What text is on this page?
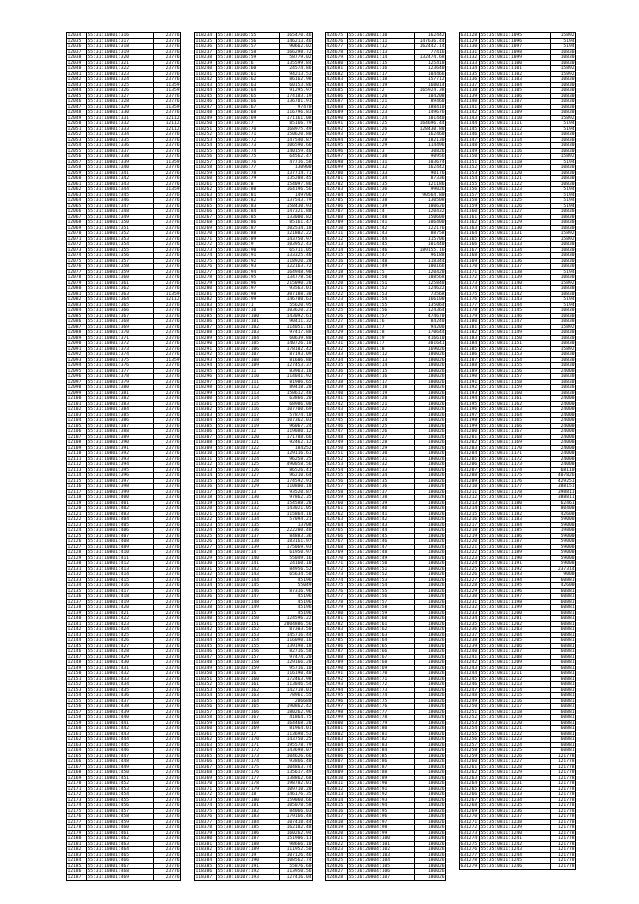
12034	55:31:10801:316	23776
12035	55:31:10801:317	23776
12036	55:31:10801:318	23776
12037	55:31:10801:319	23776
12038	55:31:10801:320	23776
12039	55:31:10801:321	23776
12040	55:31:10801:322	23776
12041	55:31:10801:323	23776
12042	55:31:10801:324	23776
12043	55:31:10801:325	11359
12044	55:31:10801:326	11359
12045	55:31:10801:327	23776
12046	55:31:10801:328	23776
12047	55:31:10801:329	11359
12048	55:31:10801:330	23776
12049	55:31:10801:331	12112
12050	55:31:10801:332	12112
12051	55:31:10801:333	12112
12052	55:31:10801:334	23776
12053	55:31:10801:335	23776
12054	55:31:10801:336	23776
12055	55:31:10801:337	23776
12056	55:31:10801:338	23776
12057	55:31:10801:339	11359
12058	55:31:10801:340	23776
12059	55:31:10801:341	23776
12060	55:31:10801:342	23776
12061	55:31:10801:343	23776
12062	55:31:10801:344	11359
12063	55:31:10801:345	23776
12064	55:31:10801:346	23776
12065	55:31:10801:347	23776
12066	55:31:10801:348	23776
12067	55:31:10801:349	23776
12068	55:31:10801:350	23776
12069	55:31:10801:351	23776
12070	55:31:10801:352	23776
12071	55:31:10801:353	23776
12072	55:31:10801:354	23776
12073	55:31:10801:355	23776
12074	55:31:10801:356	23776
12075	55:31:10801:357	23776
12076	55:31:10801:358	23776
12077	55:31:10801:359	23776
12078	55:31:10801:360	23776
12079	55:31:10801:361	23776
12080	55:31:10801:362	23776
12081	55:31:10801:363	11359
12082	55:31:10801:364	12112
12083	55:31:10801:365	23776
12084	55:31:10801:366	23776
12085	55:31:10801:367	23776
12086	55:31:10801:368	23776
12087	55:31:10801:369	23776
12088	55:31:10801:370	23776
12089	55:31:10801:371	23776
12090	55:31:10801:372	23776
12091	55:31:10801:373	23776
12092	55:31:10801:374	23776
12093	55:31:10801:375	11359
12094	55:31:10801:376	23776
12095	55:31:10801:377	23776
12096	55:31:10801:378	23776
12097	55:31:10801:379	23776
12098	55:31:10801:380	23776
12099	55:31:10801:381	23776
12100	55:31:10801:382	23776
12101	55:31:10801:383	23776
12102	55:31:10801:384	23776
12103	55:31:10801:385	23776
12104	55:31:10801:386	23776
12105	55:31:10801:387	23776
12106	55:31:10801:388	23776
12107	55:31:10801:389	23776
12108	55:31:10801:390	23776
12109	55:31:10801:391	23776
12110	55:31:10801:392	23776
12111	55:31:10801:393	23776
12112	55:31:10801:394	23776
12113	55:31:10801:395	23776
12114	55:31:10801:396	23776
12115	55:31:10801:397	23776
12116	55:31:10801:398	23776
12117	55:31:10801:399	23776
12118	55:31:10801:400	23776
12119	55:31:10801:401	23776
12120	55:31:10801:402	23776
12121	55:31:10801:403	23776
12122	55:31:10801:404	23776
12123	55:31:10801:405	23776
12124	55:31:10801:406	23776
12125	55:31:10801:407	23776
12126	55:31:10801:408	23776
12127	55:31:10801:409	23776
12128	55:31:10801:410	23776
12129	55:31:10801:411	23776
12130	55:31:10801:412	23776
12131	55:31:10801:413	23776
12132	55:31:10801:414	23776
12133	55:31:10801:415	23776
12134	55:31:10801:416	23776
12135	55:31:10801:417	23776
12136	55:31:10801:418	23776
12137	55:31:10801:419	23776
12138	55:31:10801:420	23776
12139	55:31:10801:421	23776
12140	55:31:10801:422	23776
12141	55:31:10801:423	23776
12142	55:31:10801:424	23776
12143	55:31:10801:425	23776
12144	55:31:10801:426	23776
12145	55:31:10801:427	23776
12146	55:31:10801:428	23776
12147	55:31:10801:429	23776
12148	55:31:10801:430	23776
12149	55:31:10801:431	23776
12150	55:31:10801:432	23776
12151	55:31:10801:433	23776
12152	55:31:10801:434	23776
12153	55:31:10801:435	23776
12154	55:31:10801:436	23776
12155	55:31:10801:437	23776
12156	55:31:10801:438	23776
12157	55:31:10801:439	23776
12158	55:31:10801:440	23776
12159	55:31:10801:441	23776
12160	55:31:10801:442	23776
12161	55:31:10801:443	23776
12162	55:31:10801:444	23776
12163	55:31:10801:445	23776
12164	55:31:10801:446	23776
12165	55:31:10801:447	23776
12166	55:31:10801:448	23776
12167	55:31:10801:449	23776
12168	55:31:10801:450	23776
12169	55:31:10801:451	23776
12170	55:31:10801:452	23776
12171	55:31:10801:453	23776
12172	55:31:10801:454	23776
12173	55:31:10801:455	23776
12174	55:31:10801:456	23776
12175	55:31:10801:457	23776
12176	55:31:10801:458	23776
12177	55:31:10801:459	23776
12178	55:31:10801:460	23776
12179	55:31:10801:461	23776
12180	55:31:10801:462	23776
12181	55:31:10801:463	23776
12182	55:31:10801:464	23776
12183	55:31:10801:465	23776
12184	55:31:10801:466	23776
12185	55:31:10801:467	23776
12186	55:31:10801:468	23776
12187	55:31:10801:469	23776
118234	55:38:10106:55	165470.46
118235	55:38:10106:56	146213.46
118236	55:38:10106:57	90662.02
118237	55:38:10106:58	166298.72
118238	55:38:10106:59	58779.02
118239	55:38:10106:6	135599.84
118240	55:38:10106:60	24574.86
118241	55:38:10106:61	94213.53
118242	55:38:10106:62	86162.98
118243	55:38:10106:63	60153.86
118244	55:38:10106:64	91295.97
118245	55:38:10106:65	174103.19
118246	55:38:10106:66	136701.91
118247	55:38:10106:67	97470
118248	55:38:10106:68	116796.83
118249	55:38:10106:69	171161.08
118250	55:38:10106:7	85166.79
118251	55:38:10106:70	168975.49
118252	55:38:10106:71	150620.80
118253	55:38:10106:72	147540.87
118254	55:38:10106:73	106590.66
118255	55:38:10106:74	140159.46
118256	55:38:10106:75	64562.47
118257	55:38:10106:76	47716.58
118258	55:38:10106:77	130900
118259	55:38:10106:78	137714.71
118260	55:38:10106:79	135208.45
118261	55:38:10106:8	154097.86
118262	55:38:10106:80	164196.56
118263	55:38:10106:81	149706
118264	55:38:10106:82	137543.79
118265	55:38:10106:83	158430.93
118266	55:38:10106:84	147321.88
118267	55:38:10106:85	133000.82
118268	55:38:10106:86	85161.47
118269	55:38:10106:87	102534.18
118270	55:38:10106:88	121802.22
118271	55:38:10106:89	143750.97
118272	55:38:10106:9	103952.43
118273	55:38:10106:90	65711.05
118274	55:38:10106:91	133325.46
118275	55:38:10106:92	118920.20
118276	55:38:10106:93	122163.72
118277	55:38:10106:94	164948.90
118278	55:38:10106:95	134778.56
118279	55:38:10106:96	215090.20
118280	55:38:10106:97	93563.01
118281	55:38:10106:98	307188.30
118282	55:38:10106:99	146700.63
118283	55:38:10107:1	55620.95
118284	55:38:10107:10	103620.21
118285	55:38:10107:100	143092.61
118286	55:38:10107:101	90411.32
118287	55:38:10107:102	114051.18
118288	55:38:10107:103	97417.88
118289	55:38:10107:104	60639.80
118290	55:38:10107:105	140726.10
118291	55:38:10107:106	178102.42
118292	55:38:10107:107	87193.09
118293	55:38:10107:108	81606.80
118294	55:38:10107:109	127453.37
118295	55:38:10107:11	83963.16
118296	55:38:10107:110	114041.92
118297	55:38:10107:111	81906.65
118298	55:38:10107:112	89418.20
118299	55:38:10107:113	158612.48
118300	55:38:10107:114	63866.20
118301	55:38:10107:115	68986.00
118302	55:38:10107:116	107700.69
118303	55:38:10107:117	57874.10
118304	55:38:10107:118	107362.03
118305	55:38:10107:119	96067.24
118306	55:38:10107:12	119080.12
118307	55:38:10107:120	171788.66
118308	55:38:10107:121	92462.12
118309	55:38:10107:122	184252
118310	55:38:10107:123	129116.61
118311	55:38:10107:124	96258.25
118312	55:38:10107:125	490058.56
118313	55:38:10107:126	86526.41
118314	55:38:10107:127	96210.64
118315	55:38:10107:128	174592.91
118316	55:38:10107:129	110800.18
118317	55:38:10107:13	93520.87
118318	55:38:10107:130	97862.35
118319	55:38:10107:131	154588.20
118320	55:38:10107:132	143021.05
118321	55:38:10107:133	115864.16
118322	55:38:10107:134	57094.21
118323	55:38:10107:135	13708
118324	55:38:10107:136	222200.48
118325	55:38:10107:137	84883.36
118326	55:38:10107:138	183161.97
118327	55:38:10107:139	175069.93
118328	55:38:10107:14	61950.97
118329	55:38:10107:140	55049.16
118330	55:38:10107:141	24160.10
118331	55:38:10107:142	84956.52
118332	55:38:10107:143	65634.50
118333	55:38:10107:144	45196
118334	55:38:10107:145	55049
118335	55:38:10107:146	87316.96
118336	55:38:10107:147	45196
118337	55:38:10107:148	45196
118338	55:38:10107:149	45196
118339	55:38:10107:15	45196
118340	55:38:10107:150	124596.22
118341	55:38:10107:151	2004886.56
118342	55:38:10107:152	87303.50
118343	55:38:10107:153	145716.44
118344	55:38:10107:154	116090.16
118345	55:38:10107:155	139198.18
118346	55:38:10107:156	82716.58
118347	55:38:10107:157	97474.20
118348	55:38:10107:158	129166.20
118349	55:38:10107:159	95716.10
118350	55:38:10107:16	116190.40
118351	55:38:10107:160	172463.98
118352	55:38:10107:161	113046.54
118353	55:38:10107:162	142718.01
118354	55:38:10107:163	78961.55
118355	55:38:10107:164	206680
118356	55:38:10107:165	190862.42
118357	55:38:10107:166	180262.96
118358	55:38:10107:167	41864.75
118359	55:38:10107:168	164468.20
118360	55:38:10107:169	81964.01
118361	55:38:10107:17	113698.53
118362	55:38:10107:170	143750.25
118363	55:38:10107:171	195578.79
118364	55:38:10107:172	143698.07
118365	55:38:10107:173	104626.66
118366	55:38:10107:174	93866.40
118367	55:38:10107:175	104863.74
118368	55:38:10107:176	135617.49
118369	55:38:10107:177	138862.68
118370	55:38:10107:178	198702.01
118371	55:38:10107:179	109710.20
118372	55:38:10107:18	146176.35
118373	55:38:10107:180	159060.66
118374	55:38:10107:181	105078.58
118375	55:38:10107:182	84066.03
118376	55:38:10107:183	179166.48
118377	55:38:10107:184	107418.44
118378	55:38:10107:185	162102.48
118379	55:38:10107:186	160262.94
118380	55:38:10107:187	151906.11
118381	55:38:10107:188	98666.10
118382	55:38:10107:189	111952.50
118383	55:38:10107:19	107126.46
118384	55:38:10107:190	108562.74
118385	55:38:10107:191	55876.60
118386	55:38:10107:192	113950.56
118387	55:38:10107:193	127416.04
424675	55:36:20801:10	162442
424676	55:36:20801:11	147636.44
424677	55:36:20801:12	162442.14
424678	55:36:20801:13	77416
424679	55:36:20801:14	132474.68
424680	55:36:20801:15	125410
424681	55:36:20801:16	123640
424682	55:36:20801:17	104466
424683	55:36:20801:18	157712
424684	55:36:20801:19	160014
424685	55:36:20801:2	165924.38
424686	55:36:20801:20	104208
424687	55:36:20801:21	89460
424688	55:36:20801:22	188410
424689	55:36:20801:23	149676
424690	55:36:20801:24	101440
424691	55:36:20801:25	164696.44
424692	55:36:20801:26	128430.80
424693	55:36:20801:27	162460
424694	55:36:20801:28	182130
424695	55:36:20801:29	114496
424696	55:36:20801:3	30826
424697	55:36:20801:30	90956
424698	55:36:20801:31	103674
424699	55:36:20801:32	162442
424700	55:36:20801:33	90176
424701	55:36:20801:34	87336
424702	55:36:20801:35	121186
424703	55:36:20801:36	99026
424704	55:36:20801:37	90564.80
424705	55:36:20801:38	130508
424706	55:36:20801:39	100626
424707	55:36:20801:4	120432
424708	55:36:20801:40	150600
424709	55:36:20801:41	106400
424710	55:36:20801:42	122176
424711	55:36:20801:43	88758
424712	55:36:20801:44	115706
424713	55:36:20801:45	101440
424714	55:36:20801:46	189155.16
424715	55:36:20801:47	96188
424716	55:36:20801:48	118344
424717	55:36:20801:49	100166
424718	55:36:20801:5	120420
424719	55:36:20801:50	108568
424720	55:36:20801:51	125840
424721	55:36:20801:52	124622
424722	55:36:20801:53	73568
424723	55:36:20801:54	166100
424724	55:36:20801:55	135064
424725	55:36:20801:56	124364
424726	55:36:20801:57	474670
424727	55:36:20801:6	84240
424728	55:36:20801:7	94200
424729	55:36:20801:8	170644
424730	55:36:20801:9	416610
424731	55:36:20801:7	301641
424732	55:36:20801:8	169026
424733	55:36:20804:12	180026
424734	55:36:20804:13	180026
424735	55:36:20804:14	180026
424736	55:36:20804:15	180026
424737	55:36:20804:16	180026
424738	55:36:20804:17	180026
424739	55:36:20804:18	180026
424740	55:36:20804:19	180026
424741	55:36:20804:20	180026
424742	55:36:20804:21	180026
424743	55:36:20804:22	180026
424744	55:36:20804:23	180026
424745	55:36:20804:24	180026
424746	55:36:20804:25	180026
424747	55:36:20804:26	180026
424748	55:36:20804:27	180026
424749	55:36:20804:28	180026
424750	55:36:20804:29	180026
424751	55:36:20804:30	180026
424752	55:36:20804:31	180026
424753	55:36:20804:32	180026
424754	55:36:20804:33	180026
424755	55:36:20804:34	180026
424756	55:36:20804:35	180026
424757	55:36:20804:36	180026
424758	55:36:20804:37	180026
424759	55:36:20804:38	180026
424760	55:36:20804:39	180026
424761	55:36:20804:40	180026
424762	55:36:20804:41	180026
424763	55:36:20804:42	180026
424764	55:36:20804:43	180026
424765	55:36:20804:44	180026
424766	55:36:20804:45	180026
424767	55:36:20804:46	180026
424768	55:36:20804:47	180026
424769	55:36:20804:48	180026
424770	55:36:20804:49	180026
424771	55:36:20804:50	180026
424772	55:36:20804:51	180026
424773	55:36:20804:52	180026
424774	55:36:20804:53	180026
424775	55:36:20804:54	180026
424776	55:36:20804:55	180026
424777	55:36:20804:56	180026
424778	55:36:20804:57	180026
424779	55:36:20804:58	180026
424780	55:36:20804:59	180026
424781	55:36:20804:60	180026
424782	55:36:20804:61	180026
424783	55:36:20804:62	180026
424784	55:36:20804:63	180026
424785	55:36:20804:64	180026
424786	55:36:20804:65	180026
424787	55:36:20804:66	180026
424788	55:36:20804:67	180026
424789	55:36:20804:68	180026
424790	55:36:20804:69	180026
424791	55:36:20804:70	180026
424792	55:36:20804:71	180026
424793	55:36:20804:72	180026
424794	55:36:20804:73	180026
424795	55:36:20804:74	180026
424796	55:36:20804:75	180026
424797	55:36:20804:76	180026
424798	55:36:20804:77	180026
424799	55:36:20804:78	180026
424800	55:36:20804:79	180026
424801	55:36:20804:80	180026
424802	55:36:20804:81	180026
424803	55:36:20804:82	180026
424804	55:36:20804:83	180026
424805	55:36:20804:84	180026
424806	55:36:20804:85	180026
424807	55:36:20804:86	180026
424808	55:36:20804:87	180026
424809	55:36:20804:88	180026
424810	55:36:20804:89	180026
424811	55:36:20804:90	180026
424812	55:36:20804:91	180026
424813	55:36:20804:92	180026
424814	55:36:20804:93	180026
424815	55:36:20804:94	180026
424816	55:36:20804:95	180026
424817	55:36:20804:96	180026
424818	55:36:20804:97	180026
424819	55:36:20804:98	180026
424820	55:36:20804:99	180026
424821	55:36:20804:100	180026
424822	55:36:20804:101	180026
424823	55:36:20804:102	180026
424824	55:36:20804:103	180026
424825	55:36:20804:104	180026
424826	55:36:20804:105	180026
424827	55:36:20804:106	180026
424828	55:36:20804:107	180026
631128 55:35:0811:1095	15892
631129 55:35:0811:1096	5194
631130 55:35:0811:1097	5194
631131 55:35:0811:1098	10830
631132 55:35:0811:1099	10830
631133 55:35:0811:1100	10830
631134 55:35:0811:1101	15892
631135 55:35:0811:1102	15892
631136 55:35:0811:1103	10830
631137 55:35:0811:1104	10830
631138 55:35:0811:1105	10830
631139 55:35:0811:1106	10830
631140 55:35:0811:1107	10830
631141 55:35:0811:1108	10830
631142 55:35:0811:1109	10830
631143 55:35:0811:1110	15892
631144 55:35:0811:1111	5194
631145 55:35:0811:1112	5194
631146 55:35:0811:1113	10830
631147 55:35:0811:1114	10830
631148 55:35:0811:1115	10830
631149 55:35:0811:1116	10830
631150 55:35:0811:1117	15892
631151 55:35:0811:1118	5194
631152 55:35:0811:1119	10830
631153 55:35:0811:1120	10830
631154 55:35:0811:1121	10830
631155 55:35:0811:1122	10830
631156 55:35:0811:1123	5194
631157 55:35:0811:1124	5194
631158 55:35:0811:1125	5194
631159 55:35:0811:1126	5194
631160 55:35:0811:1127	10830
631161 55:35:0811:1128	10830
631162 55:35:0811:1129	10830
631163 55:35:0811:1130	10830
631164 55:35:0811:1131	15892
631165 55:35:0811:1132	15892
631166 55:35:0811:1133	10830
631167 55:35:0811:1134	10830
631168 55:35:0811:1135	10830
631169 55:35:0811:1136	10830
631170 55:35:0811:1137	10830
631171 55:35:0811:1138	5194
631172 55:35:0811:1139	10830
631173 55:35:0811:1140	15892
631174 55:35:0811:1141	10830
631175 55:35:0811:1142	10830
631176 55:35:0811:1143	5194
631177 55:35:0811:1144	5194
631178 55:35:0811:1145	10830
631179 55:35:0811:1146	10830
631180 55:35:0811:1147	10830
631181 55:35:0811:1148	15892
631182 55:35:0811:1149	10830
631183 55:35:0811:1150	10830
631184 55:35:0811:1151	10830
631185 55:35:0811:1152	15892
631186 55:35:0811:1153	10830
631187 55:35:0811:1154	10830
631188 55:35:0811:1155	10830
631189 55:35:0811:1156	24000
631190 55:35:0811:1157	10830
631191 55:35:0811:1158	10830
631192 55:35:0811:1159	10830
631193 55:35:0811:1160	10830
631194 55:35:0811:1161	24000
631195 55:35:0811:1162	24000
631196 55:35:0811:1163	24000
631197 55:35:0811:1164	24000
631198 55:35:0811:1165	24000
631199 55:35:0811:1166	24000
631200 55:35:0811:1167	24000
631201 55:35:0811:1168	24000
631202 55:35:0811:1169	24000
631203 55:35:0811:1170	24000
631204 55:35:0811:1171	24000
631205 55:35:0811:1172	24000
631206 55:35:0811:1173	24000
631207 55:35:0811:1174	68110
631208 55:35:0811:1175	407826
631209 55:35:0811:1176	429251
631210 55:35:0811:1177	388151
631211 55:35:0811:1178	398811
631212 55:35:0811:1179	388811
631213 55:35:0811:1180	62461
631214 55:35:0811:1181	80400
631215 55:35:0811:1182	42600
631216 55:35:0811:1183	59000
631217 55:35:0811:1184	59000
631218 55:35:0811:1185	19800
631219 55:35:0811:1186	59000
631220 55:35:0811:1187	59000
631221 55:35:0811:1188	59000
631222 55:35:0811:1189	59000
631223 55:35:0811:1190	59000
631224 55:35:0811:1191	59000
631225 55:35:0811:1192	237314
631226 55:35:0811:1193	9000
631227 55:35:0811:1194	60881
631228 55:35:0811:1195	42600
631229 55:35:0811:1196	60881
631230 55:35:0811:1197	60881
631231 55:35:0811:1198	60881
631232 55:35:0811:1199	60881
631233 55:35:0811:1200	60881
631234 55:35:0811:1201	60881
631235 55:35:0811:1202	60881
631236 55:35:0811:1203	60881
631237 55:35:0811:1204	60881
631238 55:35:0811:1205	60881
631239 55:35:0811:1206	60881
631240 55:35:0811:1207	60881
631241 55:35:0811:1208	60881
631242 55:35:0811:1209	60881
631243 55:35:0811:1210	60881
631244 55:35:0811:1211	60881
631245 55:35:0811:1212	60881
631246 55:35:0811:1213	60881
631247 55:35:0811:1214	60881
631248 55:35:0811:1215	60881
631249 55:35:0811:1216	60881
631250 55:35:0811:1217	60881
631251 55:35:0811:1218	60881
631252 55:35:0811:1219	60881
631253 55:35:0811:1220	60881
631254 55:35:0811:1221	60881
631255 55:35:0811:1222	60881
631256 55:35:0811:1223	60881
631257 55:35:0811:1224	60881
631258 55:35:0811:1225	60881
631259 55:35:0811:1226	121778
631260 55:35:0811:1227	121778
631261 55:35:0811:1228	121778
631262 55:35:0811:1229	121778
631263 55:35:0811:1230	121778
631264 55:35:0811:1231	121778
631265 55:35:0811:1232	121778
631266 55:35:0811:1233	121778
631267 55:35:0811:1234	121778
631268 55:35:0811:1235	121778
631269 55:35:0811:1236	121778
631270 55:35:0811:1237	121778
631271 55:35:0811:1238	121778
631272 55:35:0811:1239	121778
631273 55:35:0811:1240	121778
631274 55:35:0811:1241	121778
631275 55:35:0811:1242	121778
631276 55:35:0811:1243	121778
631277 55:35:0811:1244	121778
631278 55:35:0811:1245	121778
631279 55:35:0811:1246	121778
